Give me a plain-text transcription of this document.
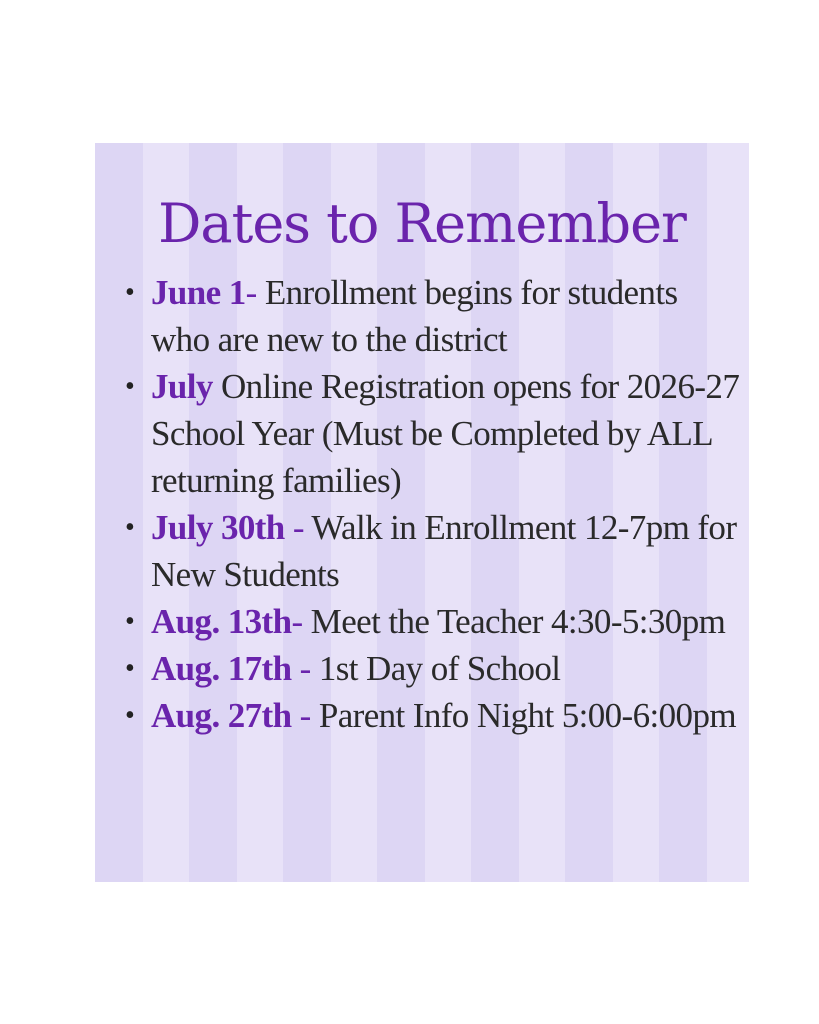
Dates to Remember
• June 1- Enrollment begins for students who are new to the district
• July Online Registration opens for 2026-27 School Year (Must be Completed by ALL returning families)
• July 30th - Walk in Enrollment 12-7pm for New Students
• Aug. 13th- Meet the Teacher 4:30-5:30pm
• Aug. 17th - 1st Day of School
• Aug. 27th - Parent Info Night 5:00-6:00pm
